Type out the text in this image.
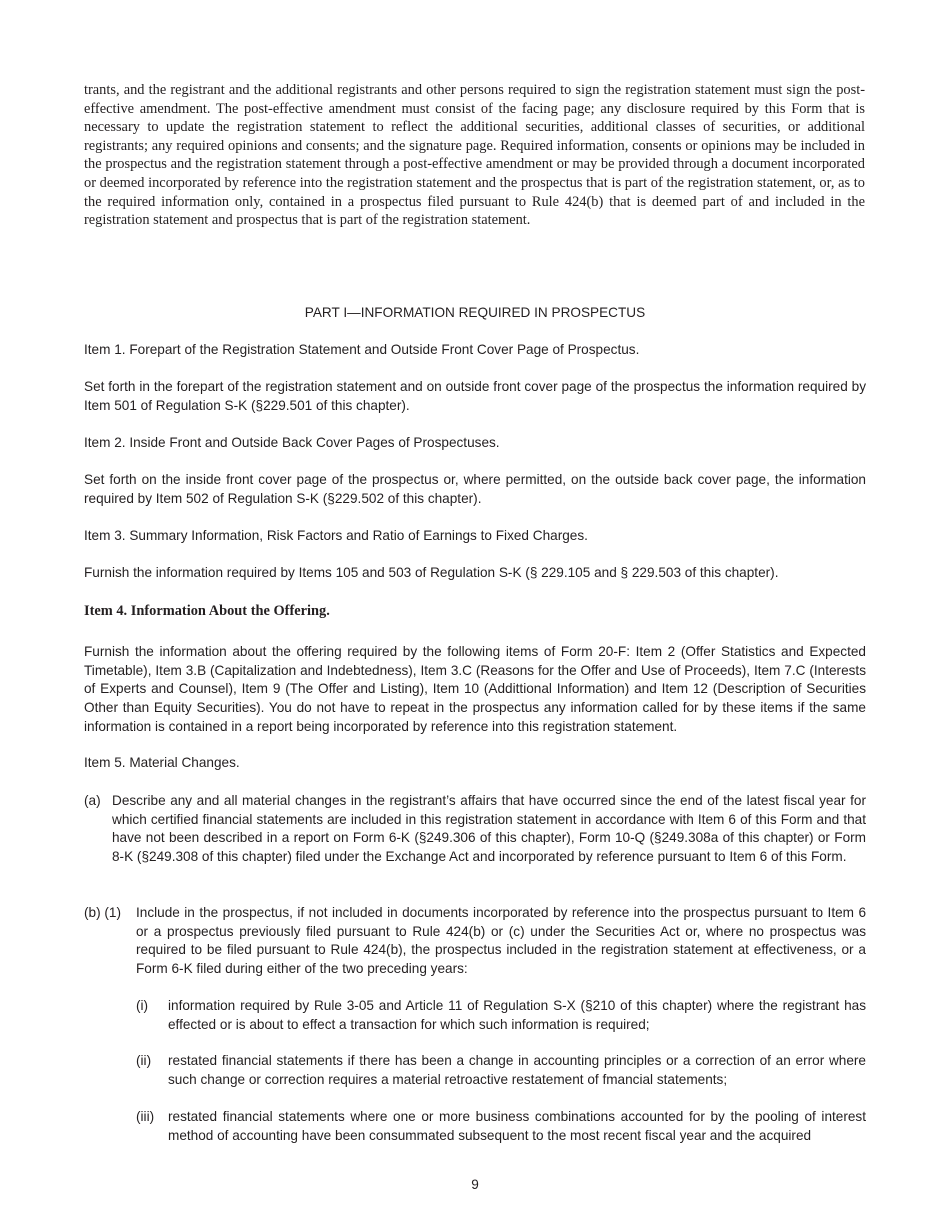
trants, and the registrant and the additional registrants and other persons required to sign the registration statement must sign the post-effective amendment. The post-effective amendment must consist of the facing page; any disclosure required by this Form that is necessary to update the registration statement to reflect the additional securities, additional classes of securities, or additional registrants; any required opinions and consents; and the signature page. Required information, consents or opinions may be included in the prospectus and the registration statement through a post-effective amendment or may be provided through a document incorporated or deemed incorporated by reference into the registration statement and the prospectus that is part of the registration statement, or, as to the required information only, contained in a prospectus filed pursuant to Rule 424(b) that is deemed part of and included in the registration statement and prospectus that is part of the registration statement.

PART I—INFORMATION REQUIRED IN PROSPECTUS

Item 1. Forepart of the Registration Statement and Outside Front Cover Page of Prospectus.

Set forth in the forepart of the registration statement and on outside front cover page of the prospectus the information required by Item 501 of Regulation S-K (§229.501 of this chapter).

Item 2. Inside Front and Outside Back Cover Pages of Prospectuses.

Set forth on the inside front cover page of the prospectus or, where permitted, on the outside back cover page, the information required by Item 502 of Regulation S-K (§229.502 of this chapter).

Item 3. Summary Information, Risk Factors and Ratio of Earnings to Fixed Charges.

Furnish the information required by Items 105 and 503 of Regulation S-K (§ 229.105 and § 229.503 of this chapter).

Item 4. Information About the Offering.

Furnish the information about the offering required by the following items of Form 20-F: Item 2 (Offer Statistics and Expected Timetable), Item 3.B (Capitalization and Indebtedness), Item 3.C (Reasons for the Offer and Use of Proceeds), Item 7.C (Interests of Experts and Counsel), Item 9 (The Offer and Listing), Item 10 (Addittional Information) and Item 12 (Description of Securities Other than Equity Securities). You do not have to repeat in the prospectus any information called for by these items if the same information is contained in a report being incorporated by reference into this registration statement.

Item 5. Material Changes.

(a) Describe any and all material changes in the registrant’s affairs that have occurred since the end of the latest fiscal year for which certified financial statements are included in this registration statement in accordance with Item 6 of this Form and that have not been described in a report on Form 6-K (§249.306 of this chapter), Form 10-Q (§249.308a of this chapter) or Form 8-K (§249.308 of this chapter) filed under the Exchange Act and incorporated by reference pursuant to Item 6 of this Form.

(b) (1) Include in the prospectus, if not included in documents incorporated by reference into the prospectus pursuant to Item 6 or a prospectus previously filed pursuant to Rule 424(b) or (c) under the Securities Act or, where no prospectus was required to be filed pursuant to Rule 424(b), the prospectus included in the registration statement at effectiveness, or a Form 6-K filed during either of the two preceding years:

(i) information required by Rule 3-05 and Article 11 of Regulation S-X (§210 of this chapter) where the registrant has effected or is about to effect a transaction for which such information is required;

(ii) restated financial statements if there has been a change in accounting principles or a correction of an error where such change or correction requires a material retroactive restatement of fmancial statements;

(iii) restated financial statements where one or more business combinations accounted for by the pooling of interest method of accounting have been consummated subsequent to the most recent fiscal year and the acquired

9
